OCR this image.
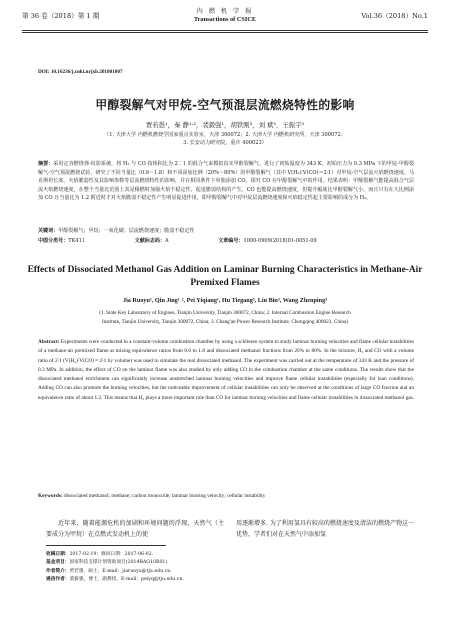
第 36 卷（2018）第 1 期
内 燃 机 学 报
Transactions of CSICE	Vol.36（2018）No.1
DOI: 10.16236/j.cnki.nrjxb.201801007
甲醇裂解气对甲烷-空气预混层流燃烧特性的影响
贾若愚¹，秦 静¹˒²，裴毅强¹，胡铁刚³，刘 斌³，王振宇³
（1. 天津大学 内燃机燃烧学国家重点实验室，天津 300072；2. 天津大学 内燃机研究所，天津 300072；
3. 长安动力研究院，重庆 400023）
摘要：采用定容燃烧弹-纹影系统，将 H₂ 与 CO 按体积比为 2∶1 的混合气来模拟真实甲醇裂解气，进行了初始温度为 343 K、初始压力为 0.3 MPa 下的甲烷-甲醇裂解气-空气预混燃烧试验，研究了不同当量比（0.6～1.8）和不同添加比例（20%～80%）的甲醇裂解气（其中 V(H₂)∶V(CO)＝2∶1）对甲烷-空气层流火焰燃烧速度、马克斯坦长度、火焰脆弱性及其影响参数等层流燃烧特性的影响，并在相同条件下单独添加 CO，探究 CO 在甲醇裂解气中的作用。结果表明：甲醇裂解气能提高混合气层流火焰燃烧速度，在整个当量比范围上其是稀燃时加强火焰不稳定性，促进脆弱结构的产生。CO 也能提高燃烧速度，但提升幅度比甲醇裂解气小，而且只有在大比例添加 CO 且当量比为 1.2 附近时才对火焰脆弱不稳定性产生明显促进作用，即甲醇裂解气中对甲烷层流燃烧速度和火焰稳定性起主要影响的成分为 H₂。
关键词：甲醇裂解气；甲烷；一氧化碳；层流燃烧速度；脆弱不稳定性
中图分类号：TK411	文献标志码：A	文章编号：1000-0909(2018)01-0051-09
Effects of Dissociated Methanol Gas Addition on Laminar Burning Characteristics in Methane-Air Premixed Flames
Jia Ruoyu¹, Qin Jing¹˒², Pei Yiqiang¹, Hu Tiegang³, Liu Bin³, Wang Zhenping³
(1. State Key Laboratory of Engines, Tianjin University, Tianjin 300072, China; 2. Internal Combustion Engine Research
Institute, Tianjin University, Tianjin 300072, China; 3. Chang'an Power Research Institute, Chongqing 400023, China)
Abstract: Experiments were conducted in a constant-volume combustion chamber by using a schlieren system to study laminar burning velocities and flame cellular instabilities of a methane-air premixed flame at mixing equivalence ratios from 0.6 to 1.8 and dissociated methanol fractions from 20% to 80%. In the mixture, H₂ and CO with a volume ratio of 2∶1 (V(H₂)∶V(CO)＝2∶1 by volume) was used to simulate the real dissociated methanol. The experiment was carried out at the temperature of 343 K and the pressure of 0.3 MPa. In addition, the effect of CO on the laminar flame was also studied by only adding CO in the combustion chamber at the same conditions. The results show that the dissociated methanol enrichment can significantly increase unstretched laminar burning velocities and improve flame cellular instabilities (especially for lean conditions). Adding CO can also promote the burning velocities, but the noticeable improvement of cellular instabilities can only be observed at the conditions of large CO fraction and an equivalence ratio of about 1.2. This means that H₂ plays a more important role than CO for laminar burning velocities and flame cellular instabilities in dissociated methanol gas.
Keywords: dissociated methanol; methane; carbon monoxide; laminar burning velocity; cellular instability
近年来，随着能源危机的加剧和环境问题的浮现，天然气（主要成分为甲烷）在点燃式发动机上的使
用逐渐增多. 为了利用氢具有较高的燃烧速度及清洁的燃烧产物这一优势，学者们对在天然气中添加氢
收稿日期：2017-02-19；修回日期：2017-06-02.
基金项目：国家科技支撑计划资助项目(2014BAG10B01).
作者简介：贾若愚，硕士，E-mail：jiaruoyu@tju.edu.cn.
通信作者：裴毅强，博士，副教授，E-mail：peiyq@tju.edu.cn.
